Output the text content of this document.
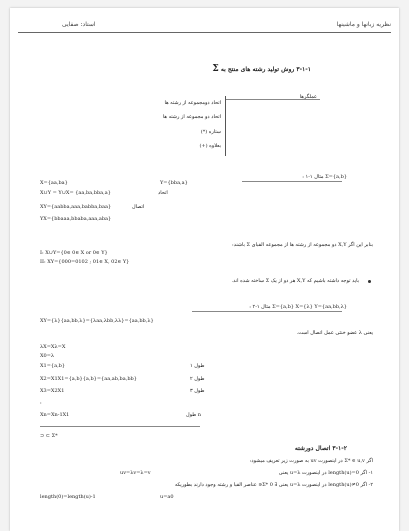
نظریه زبانها و ماشینها
استاد: صفایی
۳-۱-۱ روش تولید رشته های منتج به Σ
عملگرها
اتحاد دومجموعه از رشته ها
اتحاد دو مجموعه از رشته ها
ستاره (*)
بعلاوه (+)
Σ={a,b} مثال ۱-۱ :
X={aa,ba}	Y={bba,a}
X∪Y = Y∪X= {aa,ba,bba,a}	اتحاد
XY={aabba,aaa,babba,baa}	اتصال
YX={bbaaa,bbaba,aaa,aba}
بنابر این اگر X,Y دو مجموعه از رشته ها از مجموعه الفبای Σ باشند:
I: X∪Y={0∈ 0∈ X or 0∈ Y}
II: XY={000=0102 ; 01∈ X, 02∈ Y}
باید توجه داشته باشیم که X,Y هر دو از یک Σ ساخته شده اند.
Σ={a,b} X={λ} Y={aa,bb,λ} مثال ۱-۲ :
XY={λ}{aa,bb,λ}={λaa,λbb,λλ}={aa,bb,λ}
یعنی λ عضو خنثی عمل اتصال است.
λX=Xλ=X
X0=λ
X1={a,b}	طول ۱
X2=X1X1={a,b}{a,b}={aa,ab,ba,bb}	طول ۲
X3=X2X1	طول ۳
:
Xn=Xn-1X1	طول n
⊃ ⊂ Σ*
۳-۱-۲ اتصال دورشته
اگر Σ* ∈ u,v در اینصورت uv به صورت زیر تعریف میشود:
uv=λv=λ=v	۱- اگر length(u)=0 در اینصورت u=λ یعنی
۲- اگر length(u)≠0 در اینصورت u=λ یعنی ∃ Σ* 0∈ عناصر الفبا و رشته وجود دارند بطوریکه
length(0)=length(u)-1	u=a0
